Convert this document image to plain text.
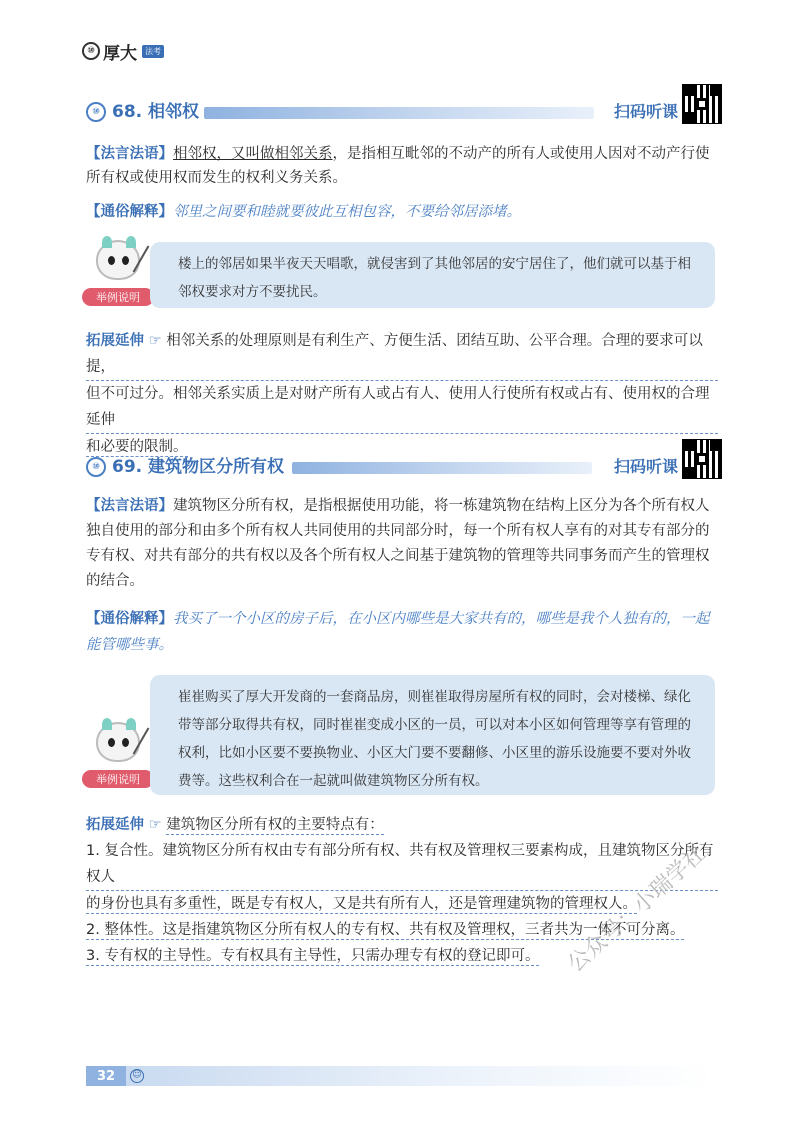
⑩ 厚大	法考
⑩ 68. 相邻权	扫码听课
【法言法语】相邻权，又叫做相邻关系，是指相互毗邻的不动产的所有人或使用人因对不动产行使所有权或使用权而发生的权利义务关系。
【通俗解释】邻里之间要和睦就要彼此互相包容，不要给邻居添堵。
举例说明
楼上的邻居如果半夜天天唱歌，就侵害到了其他邻居的安宁居住了，他们就可以基于相邻权要求对方不要扰民。
拓展延伸 ☞ 相邻关系的处理原则是有利生产、方便生活、团结互助、公平合理。合理的要求可以提，
但不可过分。相邻关系实质上是对财产所有人或占有人、使用人行使所有权或占有、使用权的合理延伸
和必要的限制。
⑩ 69. 建筑物区分所有权	扫码听课
【法言法语】建筑物区分所有权，是指根据使用功能，将一栋建筑物在结构上区分为各个所有权人独自使用的部分和由多个所有权人共同使用的共同部分时，每一个所有权人享有的对其专有部分的专有权、对共有部分的共有权以及各个所有权人之间基于建筑物的管理等共同事务而产生的管理权的结合。
【通俗解释】我买了一个小区的房子后，在小区内哪些是大家共有的，哪些是我个人独有的，一起能管哪些事。
举例说明
崔崔购买了厚大开发商的一套商品房，则崔崔取得房屋所有权的同时，会对楼梯、绿化带等部分取得共有权，同时崔崔变成小区的一员，可以对本小区如何管理等享有管理的权利，比如小区要不要换物业、小区大门要不要翻修、小区里的游乐设施要不要对外收费等。这些权利合在一起就叫做建筑物区分所有权。
拓展延伸 ☞ 建筑物区分所有权的主要特点有：
1. 复合性。建筑物区分所有权由专有部分所有权、共有权及管理权三要素构成，且建筑物区分所有权人
的身份也具有多重性，既是专有权人，又是共有所有人，还是管理建筑物的管理权人。
2. 整体性。这是指建筑物区分所有权人的专有权、共有权及管理权，三者共为一体不可分离。
3. 专有权的主导性。专有权具有主导性，只需办理专有权的登记即可。	公众号：小瑞学社
32	☺
